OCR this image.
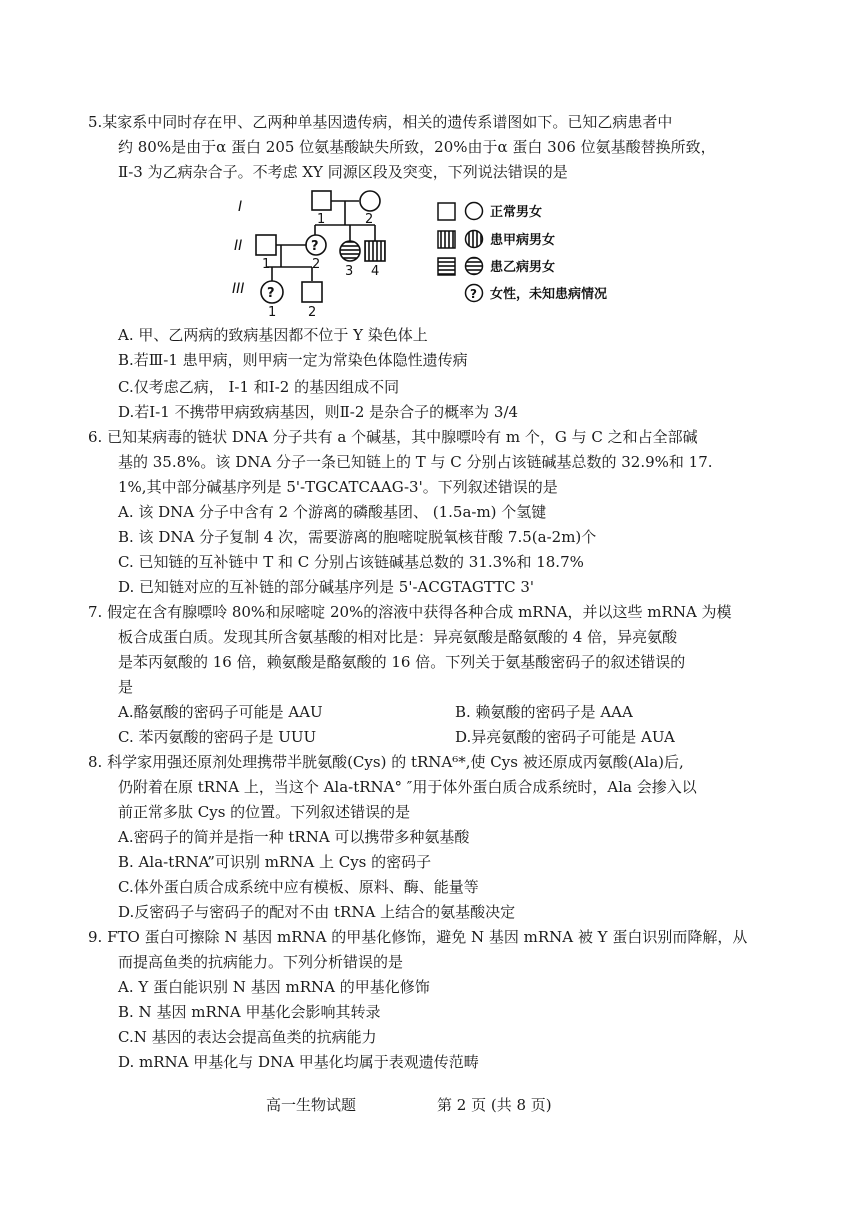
5.某家系中同时存在甲、乙两种单基因遗传病，相关的遗传系谱图如下。已知乙病患者中
约 80%是由于α 蛋白 205 位氨基酸缺失所致，20%由于α 蛋白 306 位氨基酸替换所致，
Ⅱ-3 为乙病杂合子。不考虑 XY 同源区段及突变，下列说法错误的是
I
II
III
1	2
?
1	2 3 4
?
1 2
正常男女
患甲病男女
患乙病男女
? 女性，未知患病情况
A. 甲、乙两病的致病基因都不位于 Y 染色体上
B.若Ⅲ-1 患甲病，则甲病一定为常染色体隐性遗传病
C.仅考虑乙病， Ⅰ-1 和Ⅰ-2 的基因组成不同
D.若Ⅰ-1 不携带甲病致病基因，则Ⅱ-2 是杂合子的概率为 3/4
6. 已知某病毒的链状 DNA 分子共有 a 个碱基，其中腺嘌呤有 m 个，G 与 C 之和占全部碱
基的 35.8%。该 DNA 分子一条已知链上的 T 与 C 分别占该链碱基总数的 32.9%和 17.
1%,其中部分碱基序列是 5'-TGCATCAAG-3'。下列叙述错误的是
A. 该 DNA 分子中含有 2 个游离的磷酸基团、 (1.5a-m) 个氢键
B. 该 DNA 分子复制 4 次，需要游离的胞嘧啶脱氧核苷酸 7.5(a-2m)个
C. 已知链的互补链中 T 和 C 分别占该链碱基总数的 31.3%和 18.7%
D. 已知链对应的互补链的部分碱基序列是 5'-ACGTAGTTC 3'
7. 假定在含有腺嘌呤 80%和尿嘧啶 20%的溶液中获得各种合成 mRNA，并以这些 mRNA 为模
板合成蛋白质。发现其所含氨基酸的相对比是：异亮氨酸是酪氨酸的 4 倍，异亮氨酸
是苯丙氨酸的 16 倍，赖氨酸是酪氨酸的 16 倍。下列关于氨基酸密码子的叙述错误的
是
A.酪氨酸的密码子可能是 AAU	B. 赖氨酸的密码子是 AAA
C. 苯丙氨酸的密码子是 UUU	D.异亮氨酸的密码子可能是 AUA
8. 科学家用强还原剂处理携带半胱氨酸(Cys) 的 tRNA⁶*,使 Cys 被还原成丙氨酸(Ala)后,
仍附着在原 tRNA 上，当这个 Ala-tRNA° ″用于体外蛋白质合成系统时，Ala 会掺入以
前正常多肽 Cys 的位置。下列叙述错误的是
A.密码子的简并是指一种 tRNA 可以携带多种氨基酸
B. Ala-tRNA”可识别 mRNA 上 Cys 的密码子
C.体外蛋白质合成系统中应有模板、原料、酶、能量等
D.反密码子与密码子的配对不由 tRNA 上结合的氨基酸决定
9. FTO 蛋白可擦除 N 基因 mRNA 的甲基化修饰，避免 N 基因 mRNA 被 Y 蛋白识别而降解，从
而提高鱼类的抗病能力。下列分析错误的是
A. Y 蛋白能识别 N 基因 mRNA 的甲基化修饰
B. N 基因 mRNA 甲基化会影响其转录
C.N 基因的表达会提高鱼类的抗病能力
D. mRNA 甲基化与 DNA 甲基化均属于表观遗传范畴
高一生物试题	第 2 页 (共 8 页)
